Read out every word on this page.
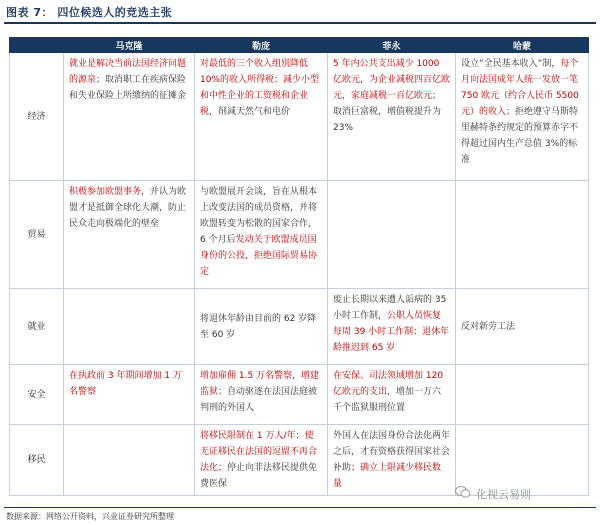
图表 7： 四位候选人的竞选主张
	马克隆	勒庞	菲永	哈蒙
经济	就业是解决当前法国经济问题的源泉；取消职工在疾病保险和失业保险上所缴纳的征摊金	对最低的三个收入组别降低 10%的收入所得税；减少小型和中性企业的工资税和企业税，削减天然气和电价	5 年内公共支出减少 1000 亿欧元，为企业减税四百亿欧元，家庭减税一百亿欧元；取消巨富税，增值税提升为 23%	设立“全民基本收入”制，每个月向法国成年人统一发放一笔 750 欧元（约合人民币 5500 元）的收入；拒绝遵守马斯特里赫特条约规定的预算赤字不得超过国内生产总值 3%的标准
贸易	积极参加欧盟事务，并认为欧盟才是抵御全球化大潮，防止民众走向极端化的壁垒	与欧盟展开会谈，旨在从根本上改变法国的成员资格，并将欧盟转变为松散的国家合作，6 个月后发动关于欧盟成员国身份的公投，拒绝国际贸易协定		
就业		将退休年龄由目前的 62 岁降至 60 岁	废止长期以来遭人诟病的 35 小时工作制，公职人员恢复每周 39 小时工作制；退休年龄推迟到 65 岁	反对新劳工法
安全	在执政前 3 年期间增加 1 万名警察	增加雇佣 1.5 万名警察，增建监狱；自动驱逐在法国法庭被判刑的外国人	在安保、司法领域增加 120 亿欧元的支出，增加一万六千个监狱服刑位置	
移民		将移民限制在 1 万人/年；使无证移民在法国的逗留不再合法化；停止向非法移民提供免费医保	外国人在法国身份合法化两年之后，才有资格获得国家社会补助；确立上限减少移民数量	
化视云易则
数据来源：网络公开资料，兴业证券研究所整理
